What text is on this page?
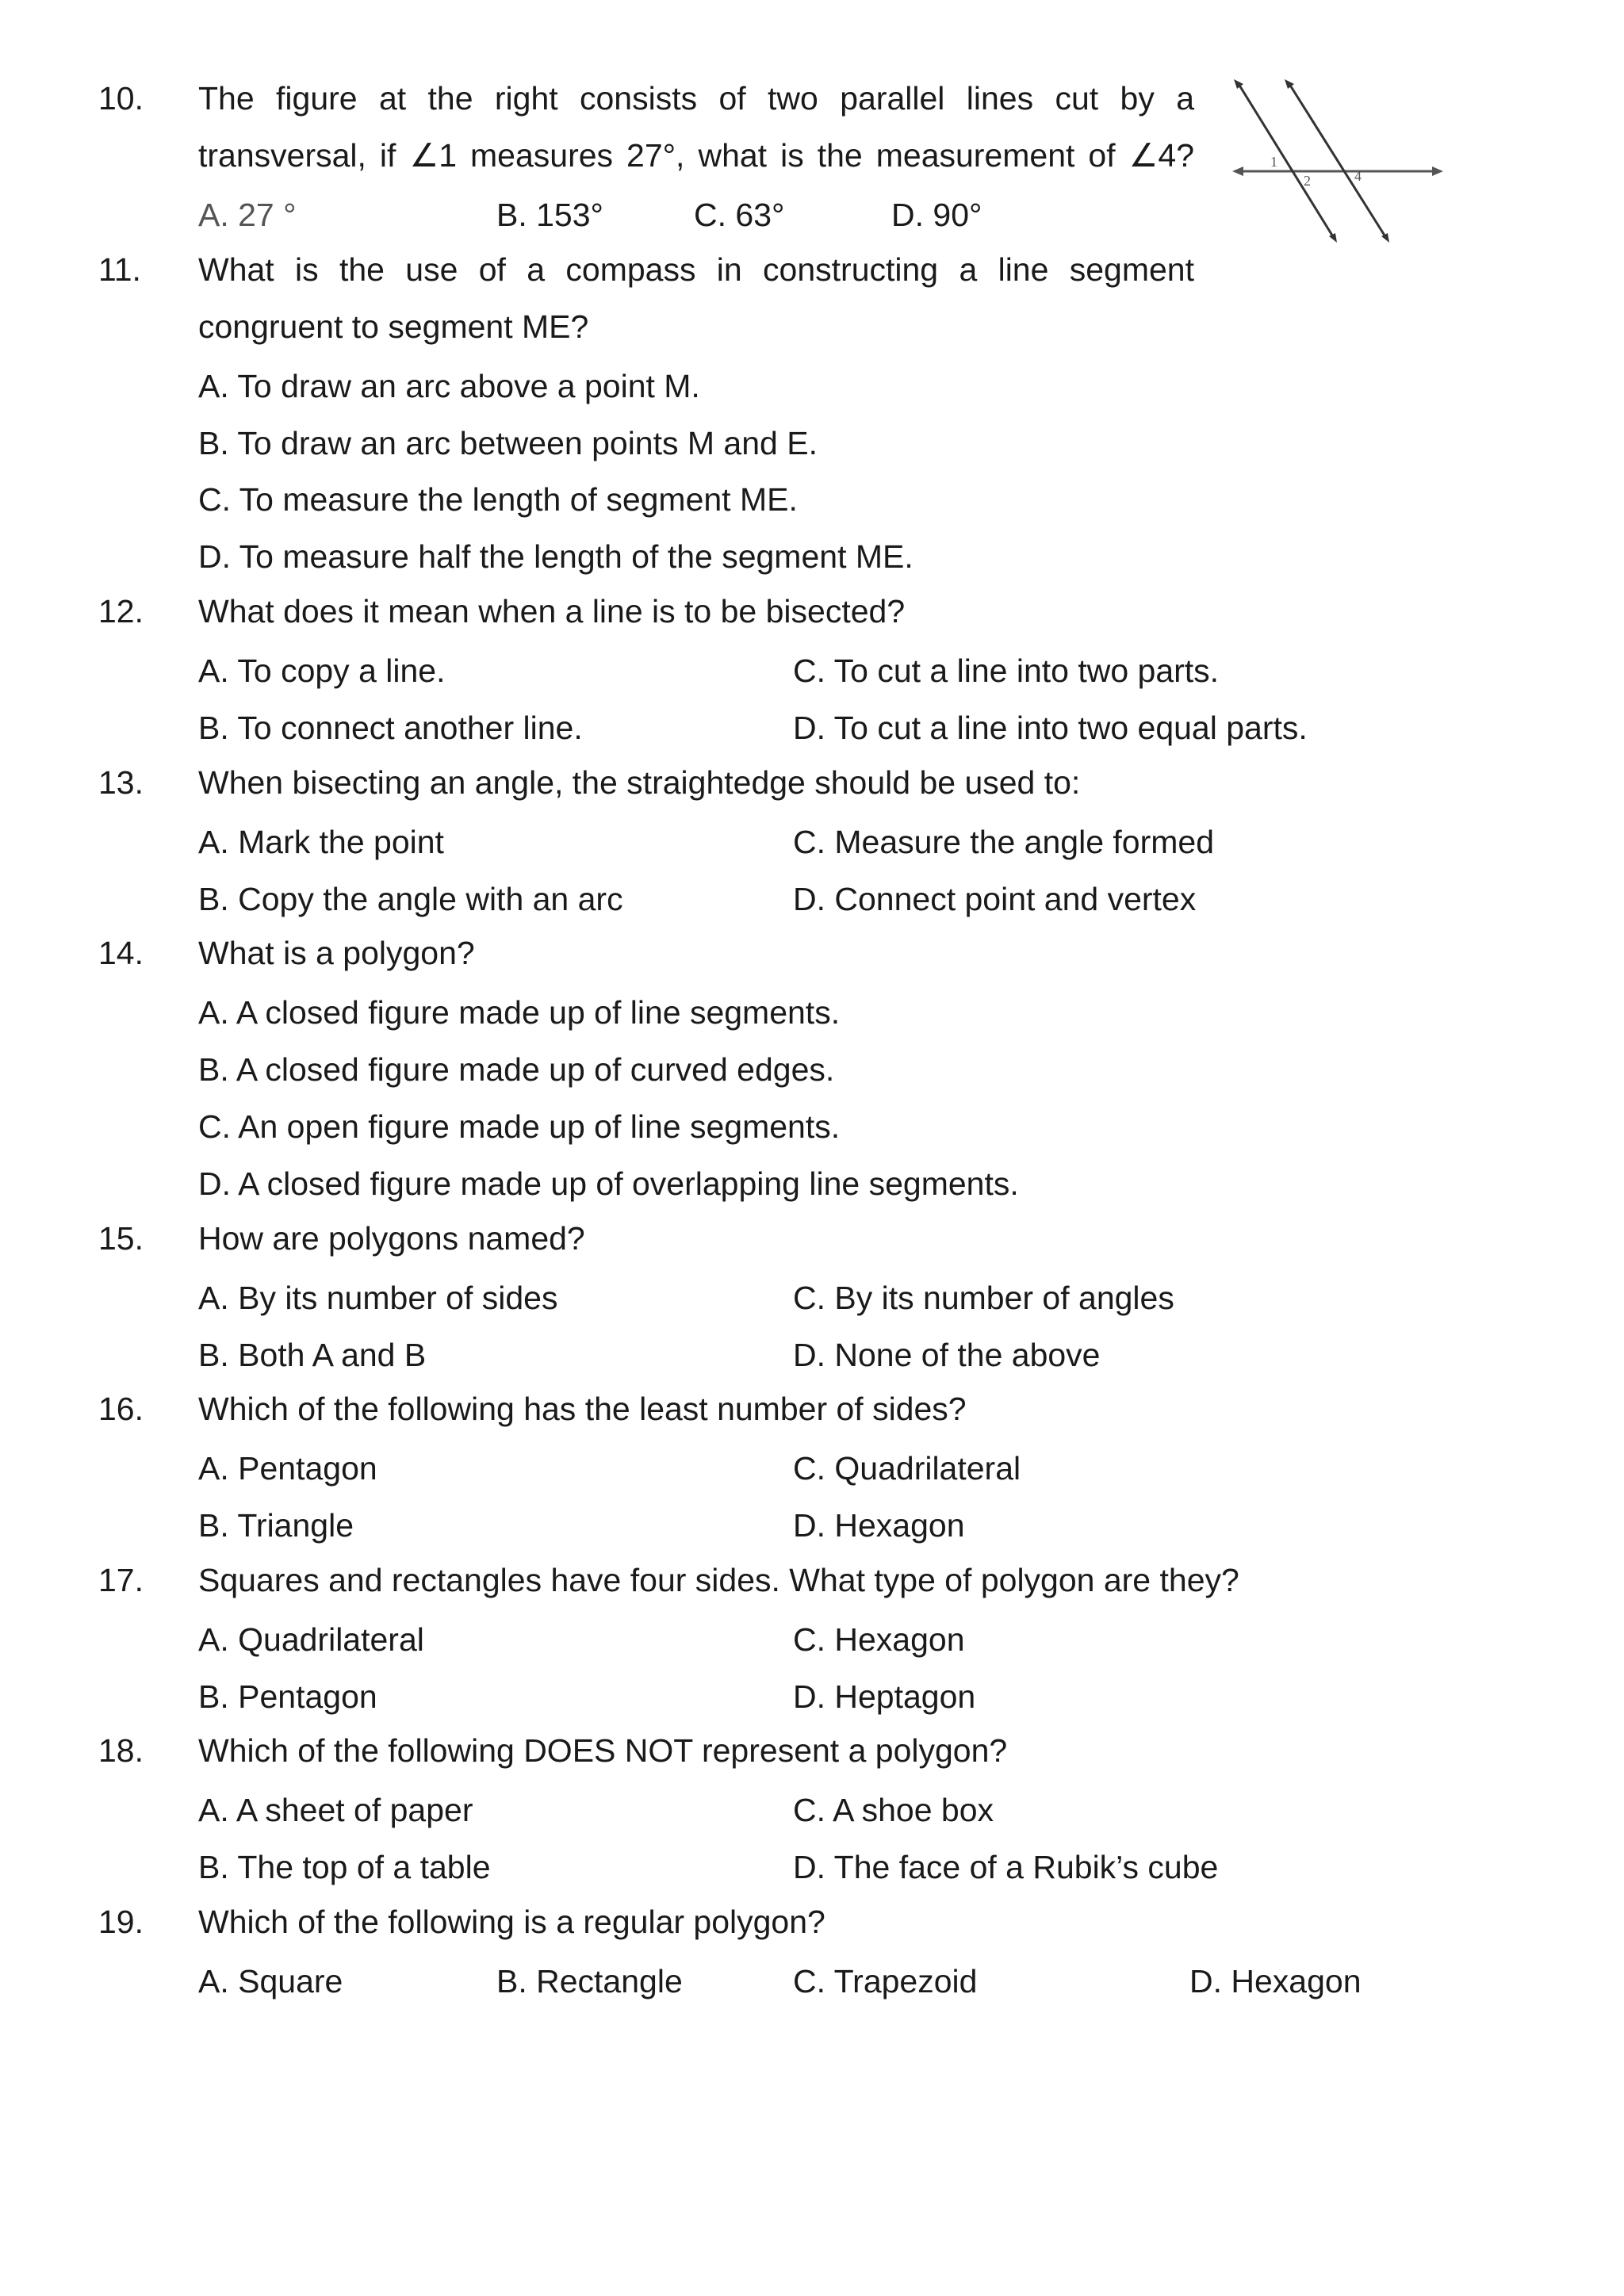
10. The figure at the right consists of two parallel lines cut by a
transversal, if ∠1 measures 27°, what is the measurement of ∠4?
A. 27 °	B. 153°	C. 63°	D. 90°
1
2	4
11. What is the use of a compass in constructing a line segment
congruent to segment ME?
A. To draw an arc above a point M.
B. To draw an arc between points M and E.
C. To measure the length of segment ME.
D. To measure half the length of the segment ME.
12. What does it mean when a line is to be bisected?
A. To copy a line.	C. To cut a line into two parts.
B. To connect another line.	D. To cut a line into two equal parts.
13. When bisecting an angle, the straightedge should be used to:
A. Mark the point	C. Measure the angle formed
B. Copy the angle with an arc	D. Connect point and vertex
14. What is a polygon?
A. A closed figure made up of line segments.
B. A closed figure made up of curved edges.
C. An open figure made up of line segments.
D. A closed figure made up of overlapping line segments.
15. How are polygons named?
A. By its number of sides	C. By its number of angles
B. Both A and B	D. None of the above
16. Which of the following has the least number of sides?
A. Pentagon	C. Quadrilateral
B. Triangle	D. Hexagon
17. Squares and rectangles have four sides. What type of polygon are they?
A. Quadrilateral	C. Hexagon
B. Pentagon	D. Heptagon
18. Which of the following DOES NOT represent a polygon?
A. A sheet of paper	C. A shoe box
B. The top of a table	D. The face of a Rubik’s cube
19. Which of the following is a regular polygon?
A. Square	B. Rectangle	C. Trapezoid	D. Hexagon
